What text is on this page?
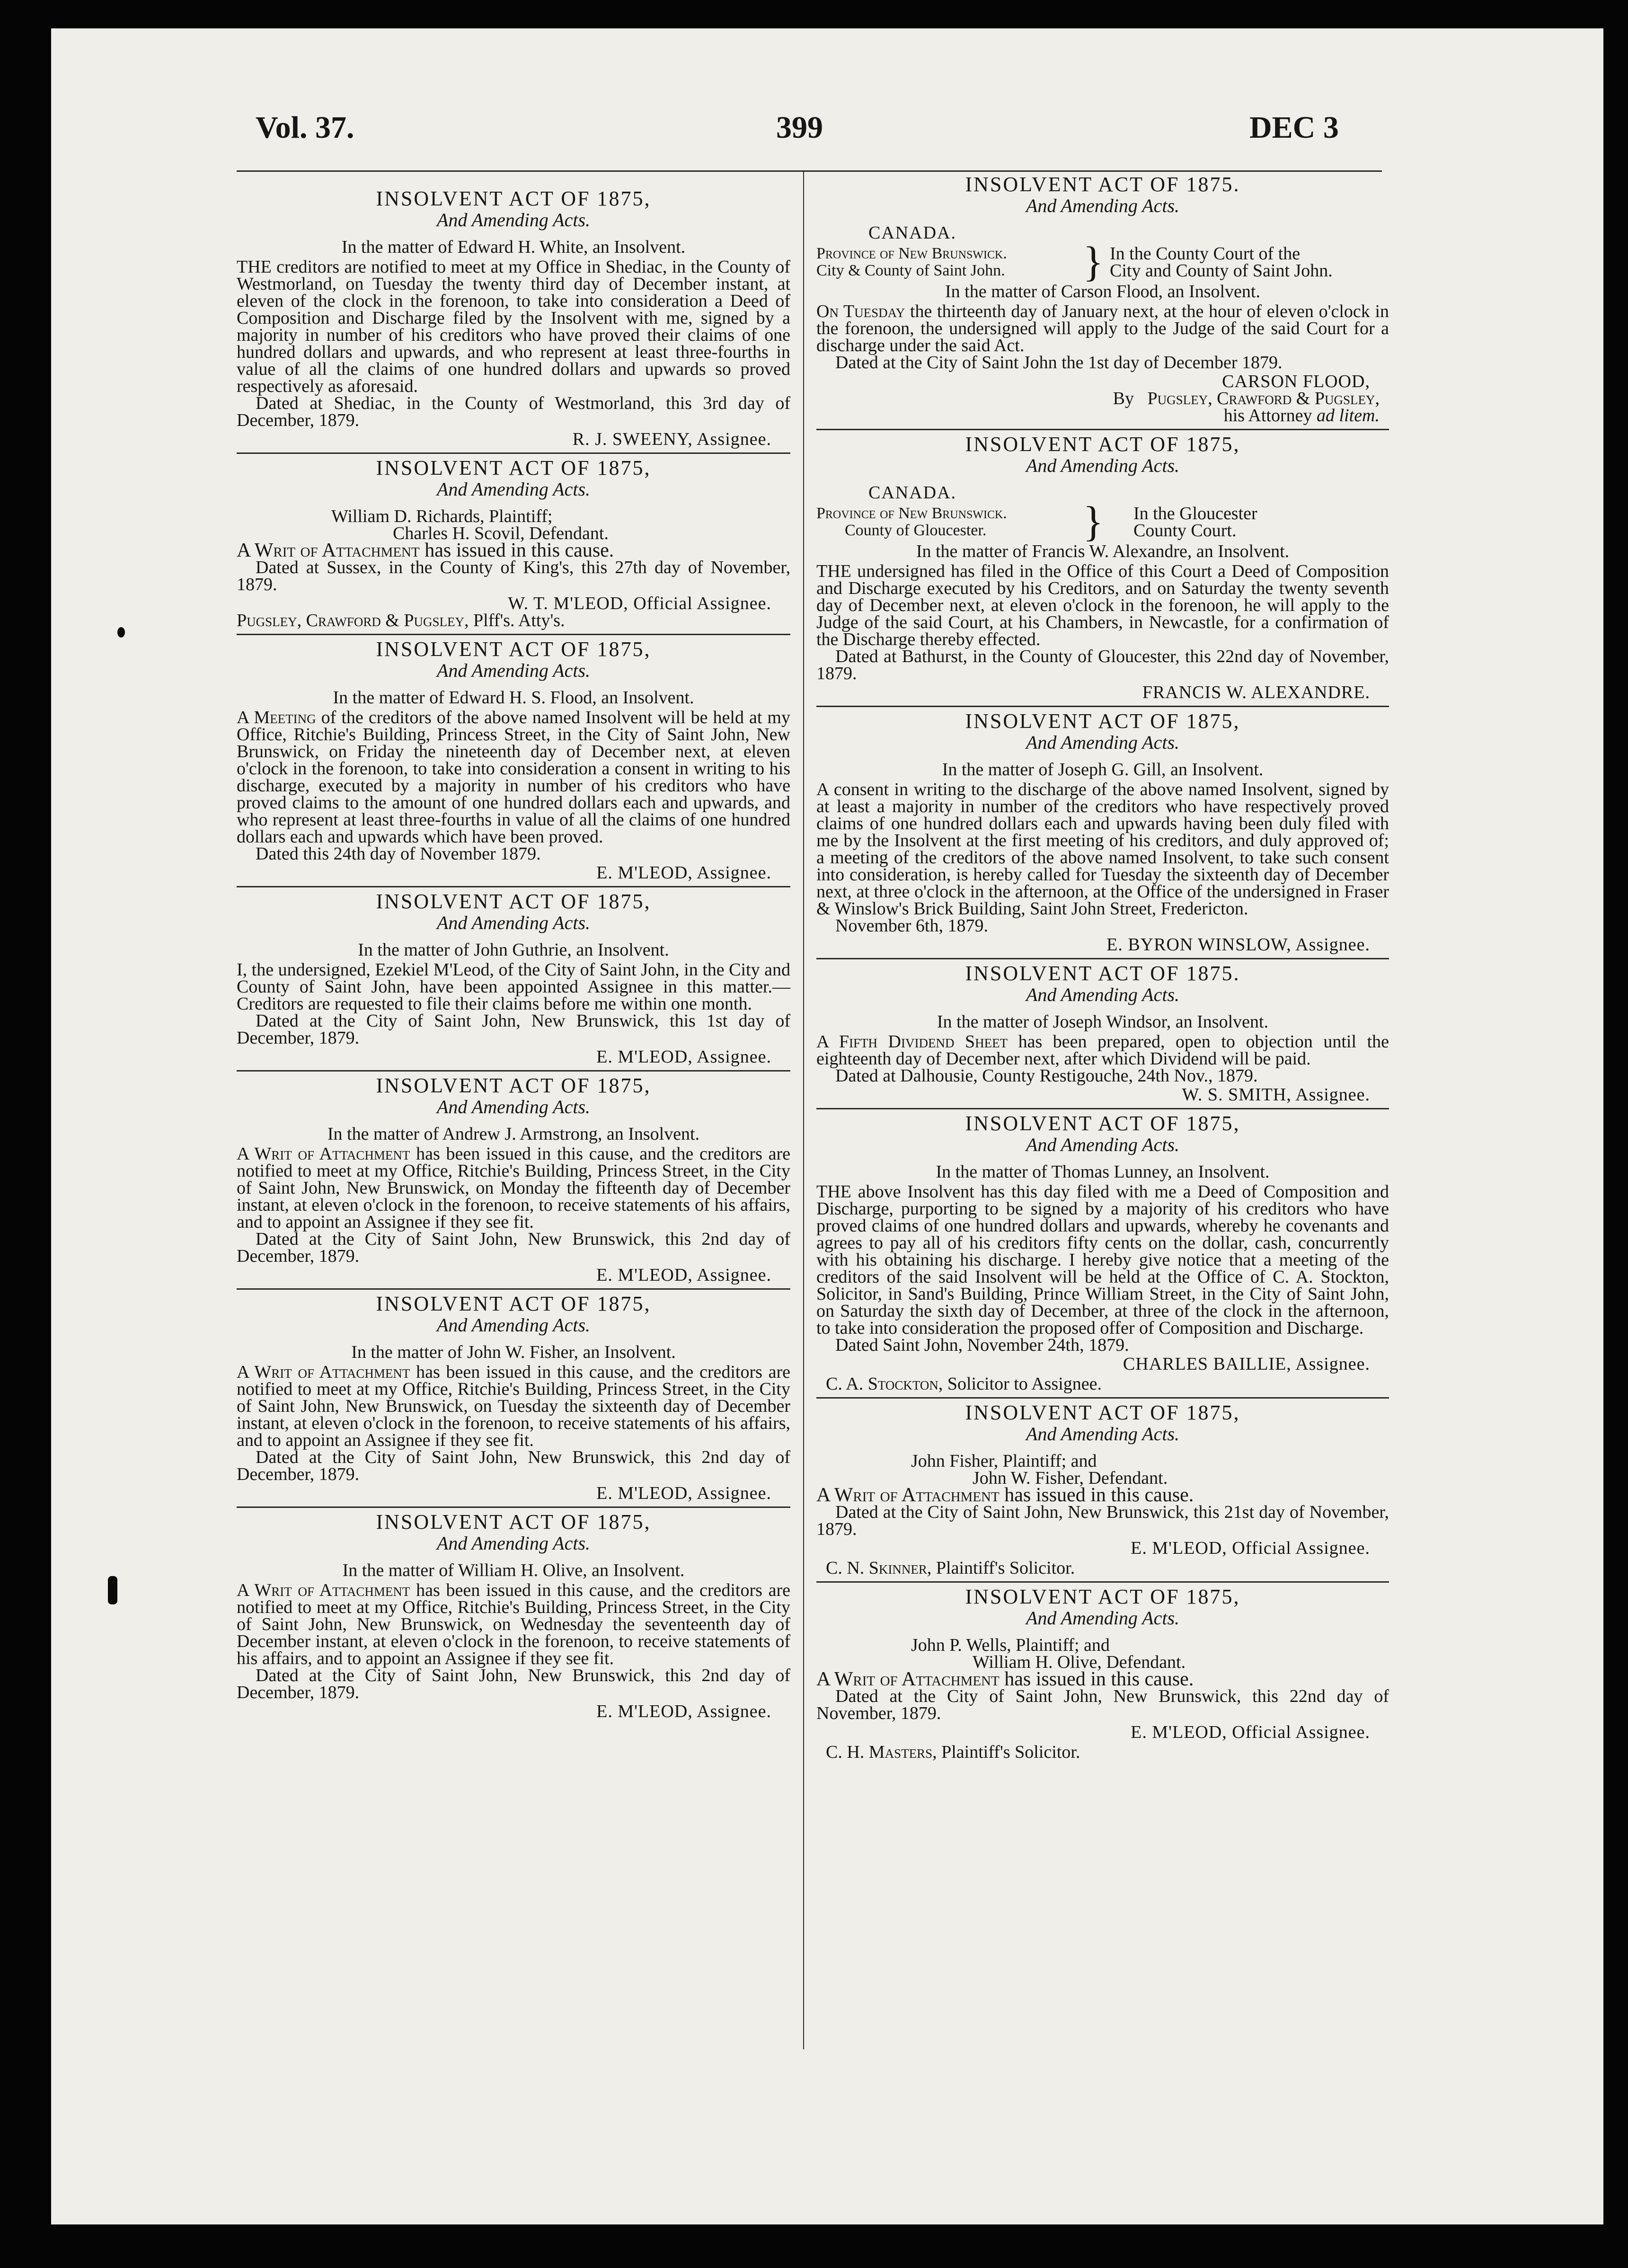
Vol. 37.	399	DEC 3
INSOLVENT ACT OF 1875,
And Amending Acts.
In the matter of Edward H. White, an Insolvent.
THE creditors are notified to meet at my Office in Shediac, in the County of Westmorland, on Tuesday the twenty third day of December instant, at eleven of the clock in the forenoon, to take into consideration a Deed of Composition and Discharge filed by the Insolvent with me, signed by a majority in number of his creditors who have proved their claims of one hundred dollars and upwards, and who represent at least three-fourths in value of all the claims of one hundred dollars and upwards so proved respectively as aforesaid.
Dated at Shediac, in the County of Westmorland, this 3rd day of December, 1879.
R. J. SWEENY, Assignee.
INSOLVENT ACT OF 1875,
And Amending Acts.
William D. Richards, Plaintiff;
Charles H. Scovil, Defendant.
A Writ of Attachment has issued in this cause.
Dated at Sussex, in the County of King's, this 27th day of November, 1879.
W. T. M'LEOD, Official Assignee.
Pugsley, Crawford & Pugsley, Plff's. Atty's.
INSOLVENT ACT OF 1875,
And Amending Acts.
In the matter of Edward H. S. Flood, an Insolvent.
A Meeting of the creditors of the above named Insolvent will be held at my Office, Ritchie's Building, Princess Street, in the City of Saint John, New Brunswick, on Friday the nineteenth day of December next, at eleven o'clock in the forenoon, to take into consideration a consent in writing to his discharge, executed by a majority in number of his creditors who have proved claims to the amount of one hundred dollars each and upwards, and who represent at least three-fourths in value of all the claims of one hundred dollars each and upwards which have been proved.
Dated this 24th day of November 1879.
E. M'LEOD, Assignee.
INSOLVENT ACT OF 1875,
And Amending Acts.
In the matter of John Guthrie, an Insolvent.
I, the undersigned, Ezekiel M'Leod, of the City of Saint John, in the City and County of Saint John, have been appointed Assignee in this matter.—Creditors are requested to file their claims before me within one month.
Dated at the City of Saint John, New Brunswick, this 1st day of December, 1879.
E. M'LEOD, Assignee.
INSOLVENT ACT OF 1875,
And Amending Acts.
In the matter of Andrew J. Armstrong, an Insolvent.
A Writ of Attachment has been issued in this cause, and the creditors are notified to meet at my Office, Ritchie's Building, Princess Street, in the City of Saint John, New Brunswick, on Monday the fifteenth day of December instant, at eleven o'clock in the forenoon, to receive statements of his affairs, and to appoint an Assignee if they see fit.
Dated at the City of Saint John, New Brunswick, this 2nd day of December, 1879.
E. M'LEOD, Assignee.
INSOLVENT ACT OF 1875,
And Amending Acts.
In the matter of John W. Fisher, an Insolvent.
A Writ of Attachment has been issued in this cause, and the creditors are notified to meet at my Office, Ritchie's Building, Princess Street, in the City of Saint John, New Brunswick, on Tuesday the sixteenth day of December instant, at eleven o'clock in the forenoon, to receive statements of his affairs, and to appoint an Assignee if they see fit.
Dated at the City of Saint John, New Brunswick, this 2nd day of December, 1879.
E. M'LEOD, Assignee.
INSOLVENT ACT OF 1875,
And Amending Acts.
In the matter of William H. Olive, an Insolvent.
A Writ of Attachment has been issued in this cause, and the creditors are notified to meet at my Office, Ritchie's Building, Princess Street, in the City of Saint John, New Brunswick, on Wednesday the seventeenth day of December instant, at eleven o'clock in the forenoon, to receive statements of his affairs, and to appoint an Assignee if they see fit.
Dated at the City of Saint John, New Brunswick, this 2nd day of December, 1879.
E. M'LEOD, Assignee.
INSOLVENT ACT OF 1875.
And Amending Acts.
CANADA.
Province of New Brunswick.
City & County of Saint John.	} In the County Court of the
City and County of Saint John.
In the matter of Carson Flood, an Insolvent.
On Tuesday the thirteenth day of January next, at the hour of eleven o'clock in the forenoon, the undersigned will apply to the Judge of the said Court for a discharge under the said Act.
Dated at the City of Saint John the 1st day of December 1879.
CARSON FLOOD,
By Pugsley, Crawford & Pugsley,
his Attorney ad litem.
INSOLVENT ACT OF 1875,
And Amending Acts.
CANADA.
Province of New Brunswick.
County of Gloucester.	} In the Gloucester
County Court.
In the matter of Francis W. Alexandre, an Insolvent.
THE undersigned has filed in the Office of this Court a Deed of Composition and Discharge executed by his Creditors, and on Saturday the twenty seventh day of December next, at eleven o'clock in the forenoon, he will apply to the Judge of the said Court, at his Chambers, in Newcastle, for a confirmation of the Discharge thereby effected.
Dated at Bathurst, in the County of Gloucester, this 22nd day of November, 1879.
FRANCIS W. ALEXANDRE.
INSOLVENT ACT OF 1875,
And Amending Acts.
In the matter of Joseph G. Gill, an Insolvent.
A consent in writing to the discharge of the above named Insolvent, signed by at least a majority in number of the creditors who have respectively proved claims of one hundred dollars each and upwards having been duly filed with me by the Insolvent at the first meeting of his creditors, and duly approved of; a meeting of the creditors of the above named Insolvent, to take such consent into consideration, is hereby called for Tuesday the sixteenth day of December next, at three o'clock in the afternoon, at the Office of the undersigned in Fraser & Winslow's Brick Building, Saint John Street, Fredericton.
November 6th, 1879.
E. BYRON WINSLOW, Assignee.
INSOLVENT ACT OF 1875.
And Amending Acts.
In the matter of Joseph Windsor, an Insolvent.
A Fifth Dividend Sheet has been prepared, open to objection until the eighteenth day of December next, after which Dividend will be paid.
Dated at Dalhousie, County Restigouche, 24th Nov., 1879.
W. S. SMITH, Assignee.
INSOLVENT ACT OF 1875,
And Amending Acts.
In the matter of Thomas Lunney, an Insolvent.
THE above Insolvent has this day filed with me a Deed of Composition and Discharge, purporting to be signed by a majority of his creditors who have proved claims of one hundred dollars and upwards, whereby he covenants and agrees to pay all of his creditors fifty cents on the dollar, cash, concurrently with his obtaining his discharge. I hereby give notice that a meeting of the creditors of the said Insolvent will be held at the Office of C. A. Stockton, Solicitor, in Sand's Building, Prince William Street, in the City of Saint John, on Saturday the sixth day of December, at three of the clock in the afternoon, to take into consideration the proposed offer of Composition and Discharge.
Dated Saint John, November 24th, 1879.
CHARLES BAILLIE, Assignee.
C. A. Stockton, Solicitor to Assignee.
INSOLVENT ACT OF 1875,
And Amending Acts.
John Fisher, Plaintiff; and
John W. Fisher, Defendant.
A Writ of Attachment has issued in this cause.
Dated at the City of Saint John, New Brunswick, this 21st day of November, 1879.
E. M'LEOD, Official Assignee.
C. N. Skinner, Plaintiff's Solicitor.
INSOLVENT ACT OF 1875,
And Amending Acts.
John P. Wells, Plaintiff; and
William H. Olive, Defendant.
A Writ of Attachment has issued in this cause.
Dated at the City of Saint John, New Brunswick, this 22nd day of November, 1879.
E. M'LEOD, Official Assignee.
C. H. Masters, Plaintiff's Solicitor.
